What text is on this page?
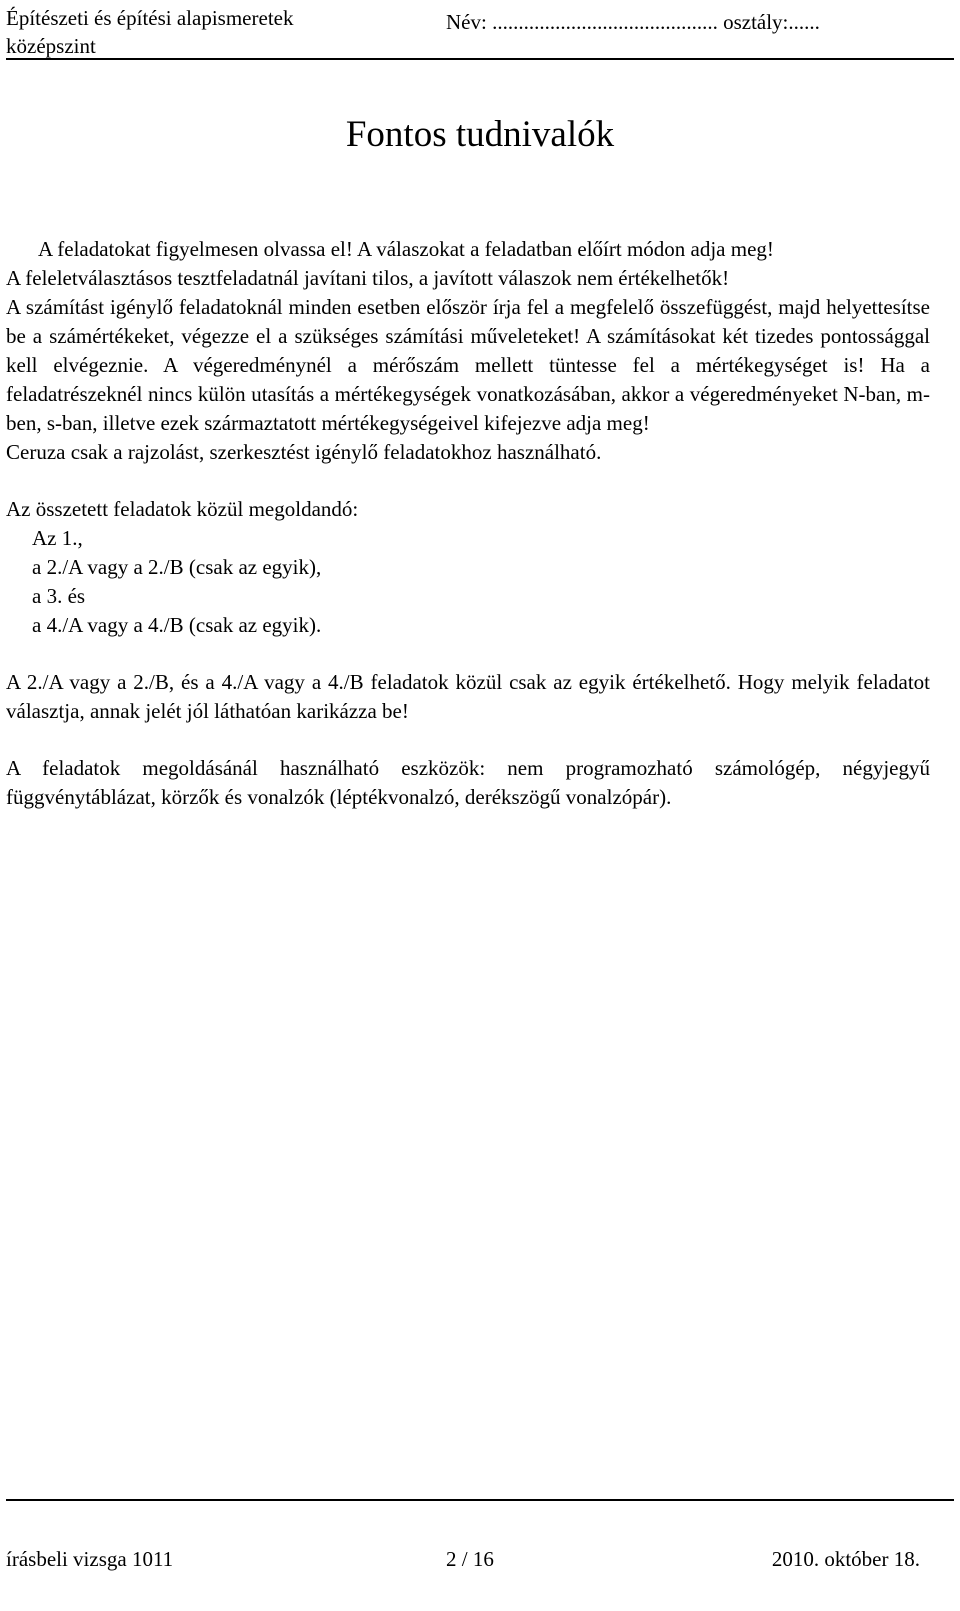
Építészeti és építési alapismeretek
középszint
Név: ........................................... osztály:......
Fontos tudnivalók

A feladatokat figyelmesen olvassa el! A válaszokat a feladatban előírt módon adja meg!

A feleletválasztásos tesztfeladatnál javítani tilos, a javított válaszok nem értékelhetők!

A számítást igénylő feladatoknál minden esetben először írja fel a megfelelő összefüggést, majd helyettesítse be a számértékeket, végezze el a szükséges számítási műveleteket! A számításokat két tizedes pontossággal kell elvégeznie. A végeredménynél a mérőszám mellett tüntesse fel a mértékegységet is! Ha a feladatrészeknél nincs külön utasítás a mértékegységek vonatkozásában, akkor a végeredményeket N-ban, m-ben, s-ban, illetve ezek származtatott mértékegységeivel kifejezve adja meg!

Ceruza csak a rajzolást, szerkesztést igénylő feladatokhoz használható.

Az összetett feladatok közül megoldandó:

Az 1.,
a 2./A vagy a 2./B (csak az egyik),
a 3. és
a 4./A vagy a 4./B (csak az egyik).

A 2./A vagy a 2./B, és a 4./A vagy a 4./B feladatok közül csak az egyik értékelhető. Hogy melyik feladatot választja, annak jelét jól láthatóan karikázza be!

A feladatok megoldásánál használható eszközök: nem programozható számológép, négyjegyű függvénytáblázat, körzők és vonalzók (léptékvonalzó, derékszögű vonalzópár).

írásbeli vizsga 1011	2 / 16	2010. október 18.
